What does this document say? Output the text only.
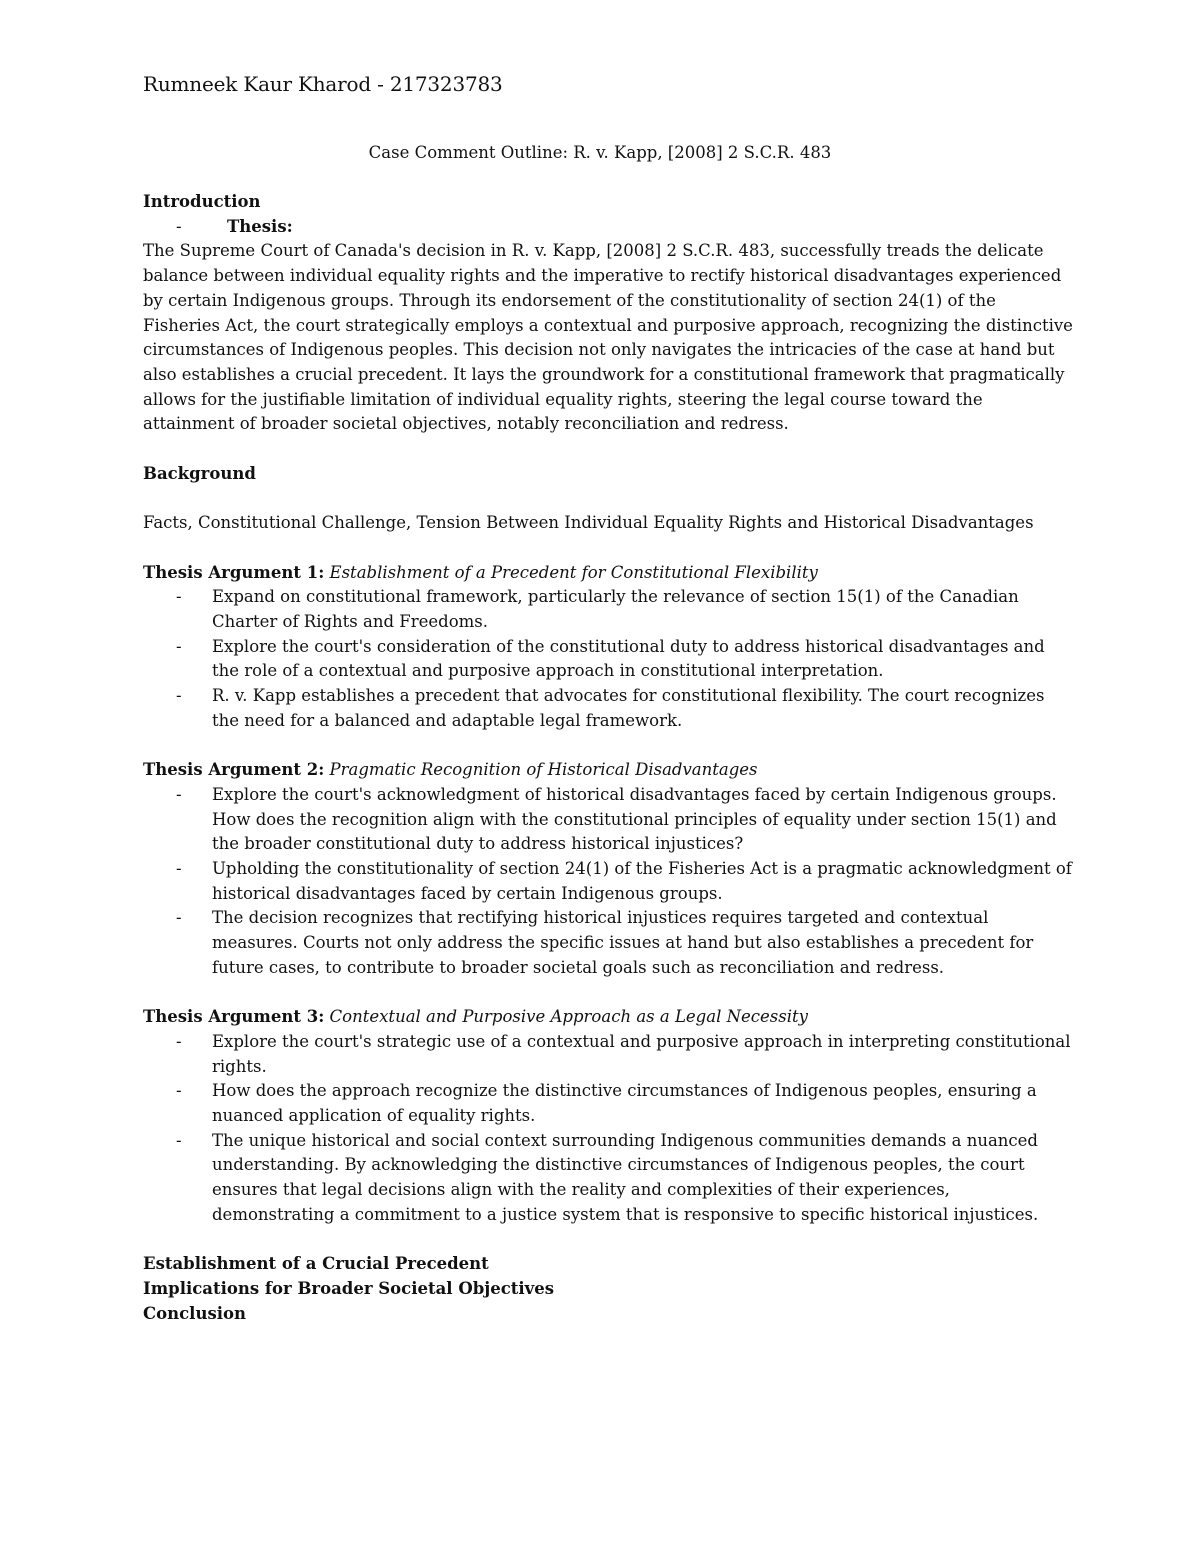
Rumneek Kaur Kharod - 217323783
Case Comment Outline: R. v. Kapp, [2008] 2 S.C.R. 483

Introduction

- Thesis:

The Supreme Court of Canada's decision in R. v. Kapp, [2008] 2 S.C.R. 483, successfully treads the delicate balance between individual equality rights and the imperative to rectify historical disadvantages experienced by certain Indigenous groups. Through its endorsement of the constitutionality of section 24(1) of the Fisheries Act, the court strategically employs a contextual and purposive approach, recognizing the distinctive circumstances of Indigenous peoples. This decision not only navigates the intricacies of the case at hand but also establishes a crucial precedent. It lays the groundwork for a constitutional framework that pragmatically allows for the justifiable limitation of individual equality rights, steering the legal course toward the attainment of broader societal objectives, notably reconciliation and redress.

Background

Facts, Constitutional Challenge, Tension Between Individual Equality Rights and Historical Disadvantages

Thesis Argument 1: Establishment of a Precedent for Constitutional Flexibility

- Expand on constitutional framework, particularly the relevance of section 15(1) of the Canadian Charter of Rights and Freedoms.
- Explore the court's consideration of the constitutional duty to address historical disadvantages and the role of a contextual and purposive approach in constitutional interpretation.
- R. v. Kapp establishes a precedent that advocates for constitutional flexibility. The court recognizes the need for a balanced and adaptable legal framework.

Thesis Argument 2: Pragmatic Recognition of Historical Disadvantages

- Explore the court's acknowledgment of historical disadvantages faced by certain Indigenous groups. How does the recognition align with the constitutional principles of equality under section 15(1) and the broader constitutional duty to address historical injustices?
- Upholding the constitutionality of section 24(1) of the Fisheries Act is a pragmatic acknowledgment of historical disadvantages faced by certain Indigenous groups.
- The decision recognizes that rectifying historical injustices requires targeted and contextual measures. Courts not only address the specific issues at hand but also establishes a precedent for future cases, to contribute to broader societal goals such as reconciliation and redress.

Thesis Argument 3: Contextual and Purposive Approach as a Legal Necessity

- Explore the court's strategic use of a contextual and purposive approach in interpreting constitutional rights.
- How does the approach recognize the distinctive circumstances of Indigenous peoples, ensuring a nuanced application of equality rights.
- The unique historical and social context surrounding Indigenous communities demands a nuanced understanding. By acknowledging the distinctive circumstances of Indigenous peoples, the court ensures that legal decisions align with the reality and complexities of their experiences, demonstrating a commitment to a justice system that is responsive to specific historical injustices.

Establishment of a Crucial Precedent

Implications for Broader Societal Objectives

Conclusion
